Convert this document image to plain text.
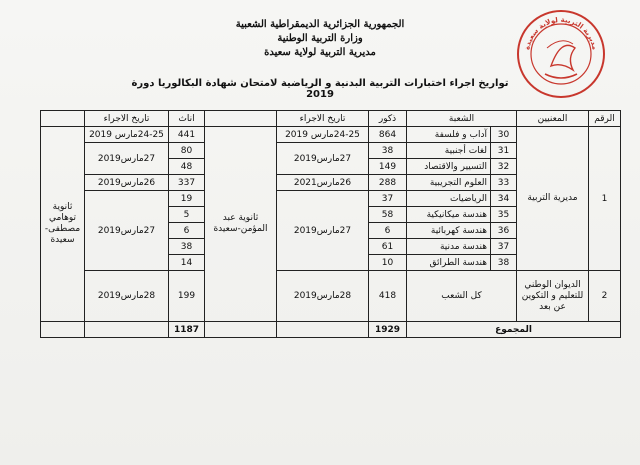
الجمهورية الجزائرية الديمقراطية الشعبية
وزارة التربية الوطنية
مديرية التربية لولاية سعيدة	مديرية التربية لولاية سعيدة
تواريخ اجراء اختبارات التربية البدنية و الرياضية لامتحان شهادة البكالوريا دورة 2019
الرقم	المعنيين	الشعبة		ذكور	تاريخ الاجراء		اناث	تاريخ الاجراء	
1	مديرية التربية	30	آداب و فلسفة	864	24-25مارس 2019	ثانوية عبد المؤمن-سعيدة	441	24-25مارس 2019	ثانوية توهامي مصطفى-سعيدة
		31	لغات أجنبية	38	27مارس2019		80	27مارس2019	
		32	التسيير والاقتصاد	149			48		
		33	العلوم التجريبية	288	26مارس2021		337	26مارس2019	
		34	الرياضيات	37	27مارس2019		19	27مارس2019	
		35	هندسة ميكانيكية	58			5		
		36	هندسة كهربائية	6			6		
		37	هندسة مدنية	61			38		
		38	هندسة الطرائق	10			14		
2	الديوان الوطني للتعليم و التكوين عن بعد	كل الشعب		418	28مارس2019		199	28مارس2019	
المجموع				1929			1187		
